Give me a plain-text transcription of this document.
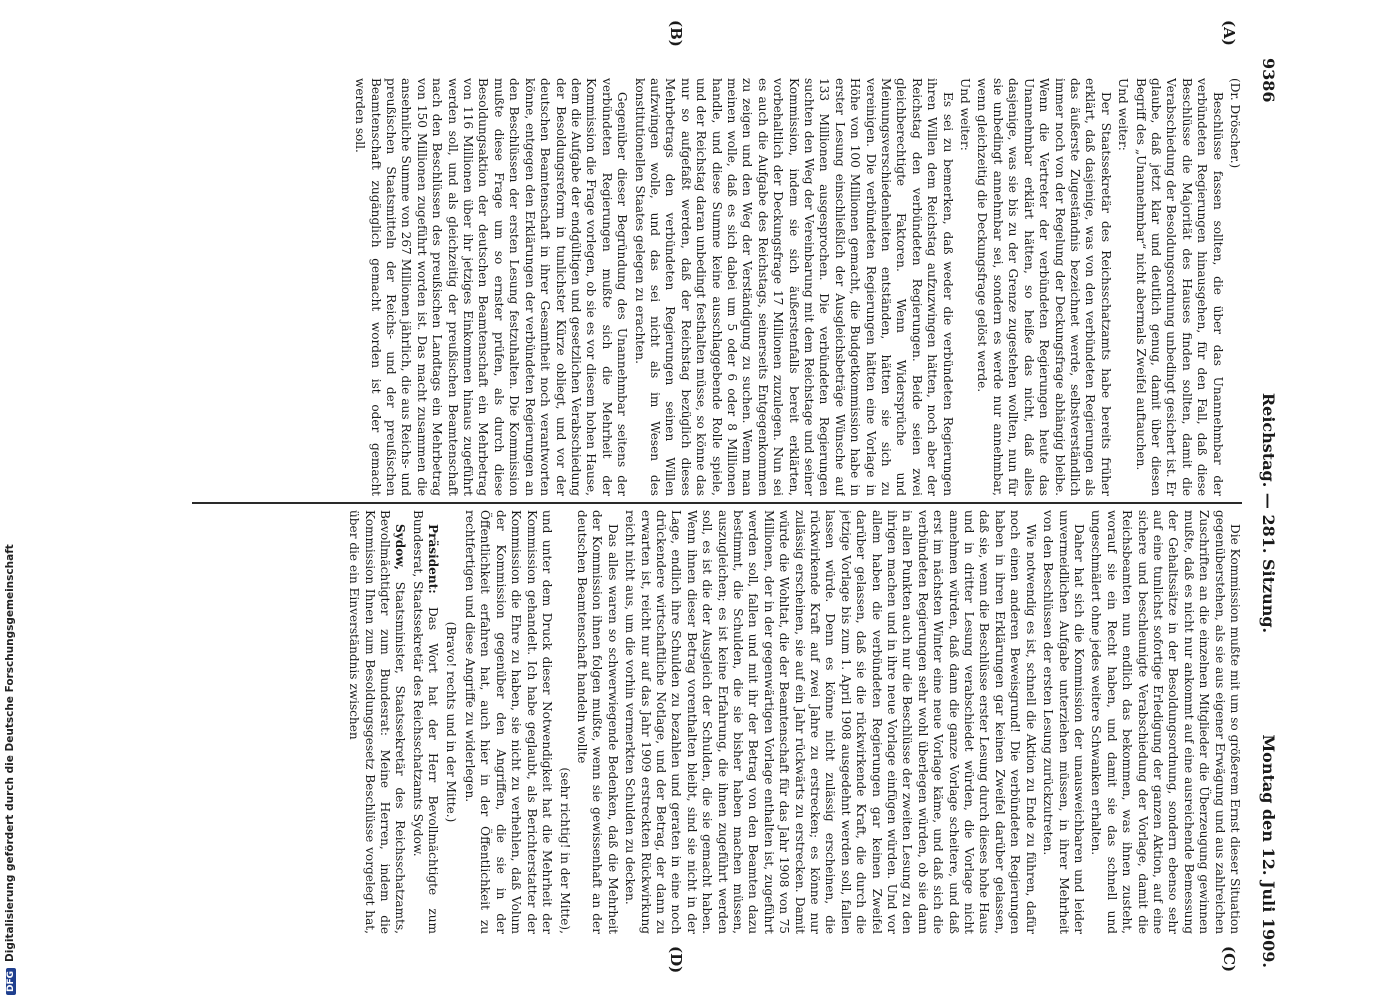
9386
Reichstag. — 281. Sitzung.
Montag den 12. Juli 1909.
(A)
(B)
(C)
(D)

(Dr. Dröscher.)

Beschlüsse fassen sollten, die über das Unannehmbar der verbündeten Regierungen hinausgehen, für den Fall, daß diese Beschlüsse die Majorität des Hauses finden sollten, damit die Verabschiedung der Besoldungsordnung unbedingt gesichert ist. Er glaube, daß jetzt klar und deutlich genug, damit über diesen Begriff des „Unannehmbar“ nicht abermals Zweifel auftauchen.

Und weiter:

Der Staatssekretär des Reichsschatzamts habe bereits früher erklärt, daß dasjenige, was von den verbündeten Regierungen als das äußerste Zugeständnis bezeichnet werde, selbstverständlich immer noch von der Regelung der Deckungsfrage abhängig bleibe. Wenn die Vertreter der verbündeten Regierungen heute das Unannehmbar erklärt hätten, so heiße das nicht, daß alles dasjenige, was sie bis zu der Grenze zugestehen wollten, nun für sie unbedingt annehmbar sei, sondern es werde nur annehmbar, wenn gleichzeitig die Deckungsfrage gelöst werde.

Und weiter:

Es sei zu bemerken, daß weder die verbündeten Regierungen ihren Willen dem Reichstag aufzuzwingen hätten, noch aber der Reichstag den verbündeten Regierungen. Beide seien zwei gleichberechtigte Faktoren. Wenn Widersprüche und Meinungsverschiedenheiten entständen, hätten sie sich zu vereinigen. Die verbündeten Regierungen hätten eine Vorlage in Höhe von 100 Millionen gemacht, die Budgetkommission habe in erster Lesung einschließlich der Ausgleichsbeträge Wünsche auf 133 Millionen ausgesprochen. Die verbündeten Regierungen suchten den Weg der Vereinbarung mit dem Reichstage und seiner Kommission, indem sie sich äußerstenfalls bereit erklärten, vorbehaltlich der Deckungsfrage 17 Millionen zuzulegen. Nun sei es auch die Aufgabe des Reichstags, seinerseits Entgegenkommen zu zeigen und den Weg der Verständigung zu suchen. Wenn man meinen wolle, daß es sich dabei um 5 oder 6 oder 8 Millionen handle, und diese Summe keine ausschlaggebende Rolle spiele, und der Reichstag daran unbedingt festhalten müsse, so könne das nur so aufgefaßt werden, daß der Reichstag bezüglich dieses Mehrbetrags den verbündeten Regierungen seinen Willen aufzwingen wolle, und das sei nicht als im Wesen des konstitutionellen Staates gelegen zu erachten.

Gegenüber dieser Begründung des Unannehmbar seitens der verbündeten Regierungen mußte sich die Mehrheit der Kommission die Frage vorlegen, ob sie es vor diesem hohen Hause, dem die Aufgabe der endgültigen und gesetzlichen Verabschiedung der Besoldungsreform in tunlichster Kürze obliegt, und vor der deutschen Beamtenschaft in ihrer Gesamtheit noch verantworten könne, entgegen den Erklärungen der verbündeten Regierungen an den Beschlüssen der ersten Lesung festzuhalten. Die Kommission mußte diese Frage um so ernster prüfen, als durch diese Besoldungsaktion der deutschen Beamtenschaft ein Mehrbetrag von 116 Millionen über ihr jetziges Einkommen hinaus zugeführt werden soll, und als gleichzeitig der preußischen Beamtenschaft nach den Beschlüssen des preußischen Landtags ein Mehrbetrag von 150 Millionen zugeführt worden ist. Das macht zusammen die ansehnliche Summe von 267 Millionen jährlich, die aus Reichs- und preußischen Staatsmitteln der Reichs- und der preußischen Beamtenschaft zugänglich gemacht worden ist oder gemacht werden soll.

Die Kommission mußte mit um so größerem Ernst dieser Situation gegenüberstehen, als sie aus eigener Erwägung und aus zahlreichen Zuschriften an die einzelnen Mitglieder die Überzeugung gewinnen mußte, daß es nicht nur ankommt auf eine ausreichende Bemessung der Gehaltssätze in der Besoldungsordnung, sondern ebenso sehr auf eine tunlichst sofortige Erledigung der ganzen Aktion, auf eine sichere und beschleunigte Verabschiedung der Vorlage, damit die Reichsbeamten nun endlich das bekommen, was ihnen zusteht, worauf sie ein Recht haben, und damit sie das schnell und ungeschmälert ohne jedes weitere Schwanken erhalten.

Daher hat sich die Kommission der unausweichbaren und leider unvermeidlichen Aufgabe unterziehen müssen, in ihrer Mehrheit von den Beschlüssen der ersten Lesung zurückzutreten.

Wie notwendig es ist, schnell die Aktion zu Ende zu führen, dafür noch einen anderen Beweisgrund! Die verbündeten Regierungen haben in ihren Erklärungen gar keinen Zweifel darüber gelassen, daß sie, wenn die Beschlüsse erster Lesung durch dieses hohe Haus und in dritter Lesung verabschiedet würden, die Vorlage nicht annehmen würden, daß dann die ganze Vorlage scheitere, und daß erst im nächsten Winter eine neue Vorlage käme, und daß sich die verbündeten Regierungen sehr wohl überlegen würden, ob sie dann in allen Punkten auch nur die Beschlüsse der zweiten Lesung zu den ihrigen machen und in ihre neue Vorlage einfügen würden. Und vor allem haben die verbündeten Regierungen gar keinen Zweifel darüber gelassen, daß sie die rückwirkende Kraft, die durch die jetzige Vorlage bis zum 1. April 1908 ausgedehnt werden soll, fallen lassen würde. Denn es könne nicht zulässig erscheinen, die rückwirkende Kraft auf zwei Jahre zu erstrecken; es könne nur zulässig erscheinen, sie auf ein Jahr rückwärts zu erstrecken. Damit würde die Wohltat, die der Beamtenschaft für das Jahr 1908 von 75 Millionen, der in der gegenwärtigen Vorlage enthalten ist, zugeführt werden soll, fallen und mit ihr der Betrag von den Beamten dazu bestimmt, die Schulden, die sie bisher haben machen müssen, auszugleichen; es ist keine Erfahrung, die ihnen zugeführt werden soll, es ist die der Ausgleich der Schulden, die sie gemacht haben. Wenn ihnen dieser Betrag vorenthalten bleibt, sind sie nicht in der Lage, endlich ihre Schulden zu bezahlen und geraten in eine noch drückendere wirtschaftliche Notlage, und der Betrag, der dann zu erwarten ist, reicht nur auf das Jahr 1909 erstreckten Rückwirkung reicht nicht aus, um die vorhin vermerkten Schulden zu decken.

Das alles waren so schwerwiegende Bedenken, daß die Mehrheit der Kommission ihnen folgen mußte, wenn sie gewissenhaft an der deutschen Beamtenschaft handeln wollte

(sehr richtig! in der Mitte),

und unter dem Druck dieser Notwendigkeit hat die Mehrheit der Kommission gehandelt. Ich habe geglaubt, als Berichterstatter der Kommission die Ehre zu haben, sie nicht zu verhehlen, daß Volum der Kommission gegenüber den Angriffen, die sie in der Öffentlichkeit erfahren hat, auch hier in der Öffentlichkeit zu rechtfertigen und diese Angriffe zu widerlegen.

(Bravo! rechts und in der Mitte.)

Präsident: Das Wort hat der Herr Bevollmächtigte zum Bundesrat, Staatssekretär des Reichsschatzamts Sydow.

Sydow, Staatsminister, Staatssekretär des Reichsschatzamts, Bevollmächtigter zum Bundesrat: Meine Herren, indem die Kommission Ihnen zum Besoldungsgesetz Beschlüsse vorgelegt hat, über die ein Einverständnis zwischen

DFGDigitalisierung gefördert durch die Deutsche Forschungsgemeinschaft
